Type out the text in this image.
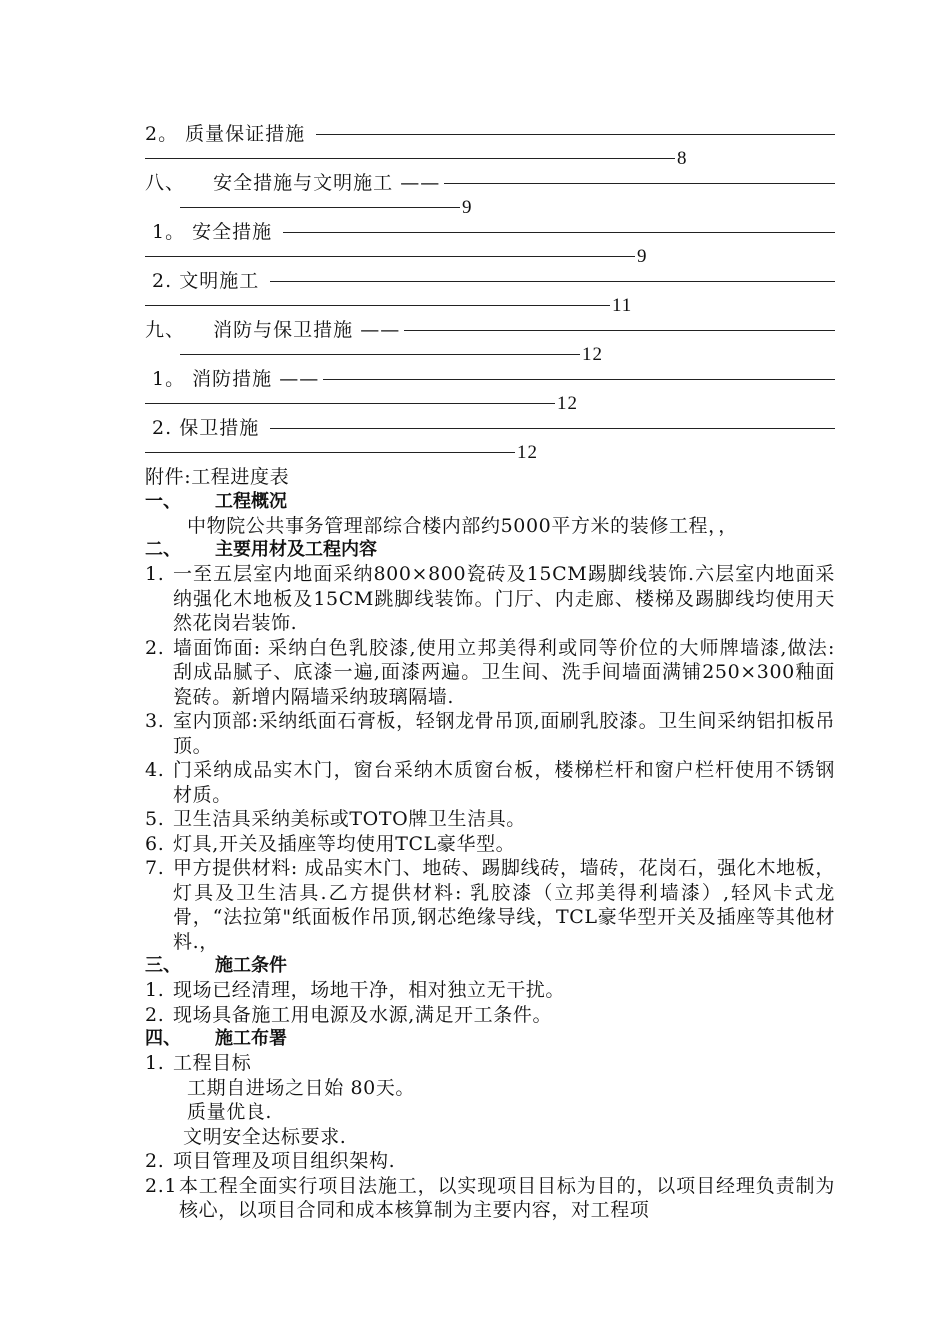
2。 质量保证措施
8
八、    安全措施与文明施工 ——
9
1。 安全措施
9
2. 文明施工
11
九、    消防与保卫措施 ——
12
1。 消防措施 ——
12
2. 保卫措施
12
附件:工程进度表
一、 工程概况
中物院公共事务管理部综合楼内部约5000平方米的装修工程，，
二、 主要用材及工程内容
1. 一至五层室内地面采纳800×800瓷砖及15CM踢脚线装饰.六层室内地面采纳强化木地板及15CM跳脚线装饰。门厅、内走廊、楼梯及踢脚线均使用天然花岗岩装饰.
2. 墙面饰面: 采纳白色乳胶漆,使用立邦美得利或同等价位的大师牌墙漆,做法: 刮成品腻子、底漆一遍,面漆两遍。卫生间、洗手间墙面满铺250×300釉面瓷砖。新增内隔墙采纳玻璃隔墙.
3. 室内顶部:采纳纸面石膏板，轻钢龙骨吊顶,面刷乳胶漆。卫生间采纳铝扣板吊顶。
4. 门采纳成品实木门，窗台采纳木质窗台板，楼梯栏杆和窗户栏杆使用不锈钢材质。
5. 卫生洁具采纳美标或TOTO牌卫生洁具。
6. 灯具,开关及插座等均使用TCL豪华型。
7. 甲方提供材料: 成品实木门、地砖、踢脚线砖，墙砖，花岗石，强化木地板，灯具及卫生洁具.乙方提供材料: 乳胶漆（立邦美得利墙漆）,轻风卡式龙骨，“法拉第"纸面板作吊顶,钢芯绝缘导线，TCL豪华型开关及插座等其他材料.，
三、 施工条件
1. 现场已经清理，场地干净，相对独立无干扰。
2. 现场具备施工用电源及水源,满足开工条件。
四、 施工布署
1. 工程目标
工期自进场之日始 80天。
质量优良.
文明安全达标要求.
2. 项目管理及项目组织架构.
2.1 本工程全面实行项目法施工，以实现项目目标为目的，以项目经理负责制为核心，以项目合同和成本核算制为主要内容，对工程项
